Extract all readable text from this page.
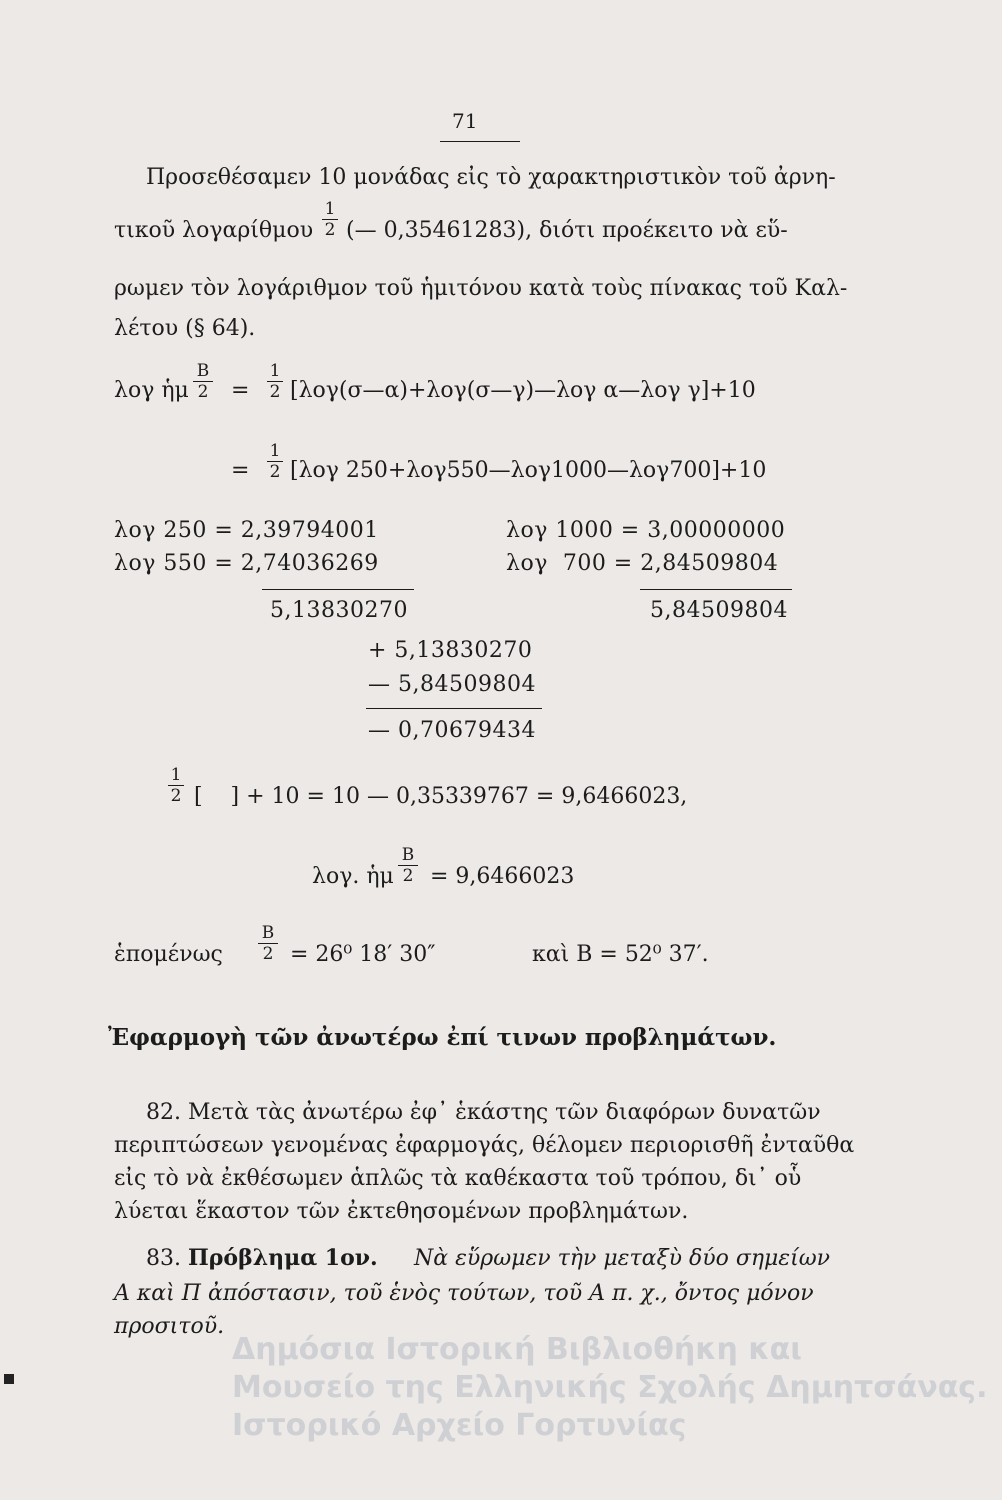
71
Προσεθέσαμεν 10 μονάδας εἰς τὸ χαρακτηριστικὸν τοῦ ἀρνη-
τικοῦ λογαρίθμου
1
2 (— 0,35461283), διότι προέκειτο νὰ εὕ-
ρωμεν τὸν λογάριθμον τοῦ ἡμιτόνου κατὰ τοὺς πίνακας τοῦ Καλ-
λέτου (§ 64).
λογ ἡμ
B
2 =
1
2 [λογ(σ—α)+λογ(σ—γ)—λογ α—λογ γ]+10
=
1
2 [λογ 250+λογ550—λογ1000—λογ700]+10
λογ 250 = 2,39794001
λογ 550 = 2,74036269
5,13830270
λογ 1000 = 3,00000000
λογ  700 = 2,84509804
5,84509804
+ 5,13830270
— 5,84509804
— 0,70679434
1
2 [    ] + 10 = 10 — 0,35339767 = 9,6466023,
λογ. ἡμ
B
2 = 9,6466023
ἑπομένως
B
2 = 26⁰ 18′ 30″	καὶ B = 52⁰ 37′.
Ἐφαρμογὴ τῶν ἀνωτέρω ἐπί τινων προβλημάτων.
82. Μετὰ τὰς ἀνωτέρω ἐφ᾽ ἑκάστης τῶν διαφόρων δυνατῶν
περιπτώσεων γενομένας ἐφαρμογάς, θέλομεν περιορισθῆ ἐνταῦθα
εἰς τὸ νὰ ἐκθέσωμεν ἁπλῶς τὰ καθέκαστα τοῦ τρόπου, δι᾽ οὗ
λύεται ἕκαστον τῶν ἐκτεθησομένων προβλημάτων.
83. Πρόβλημα 1ον. Νὰ εὕρωμεν τὴν μεταξὺ δύο σημείων
A καὶ Π ἀπόστασιν, τοῦ ἑνὸς τούτων, τοῦ A π. χ., ὄντος μόνον
προσιτοῦ.
Δημόσια Ιστορική Βιβλιοθήκη και
Μουσείο της Ελληνικής Σχολής Δημητσάνας.
Ιστορικό Αρχείο Γορτυνίας
